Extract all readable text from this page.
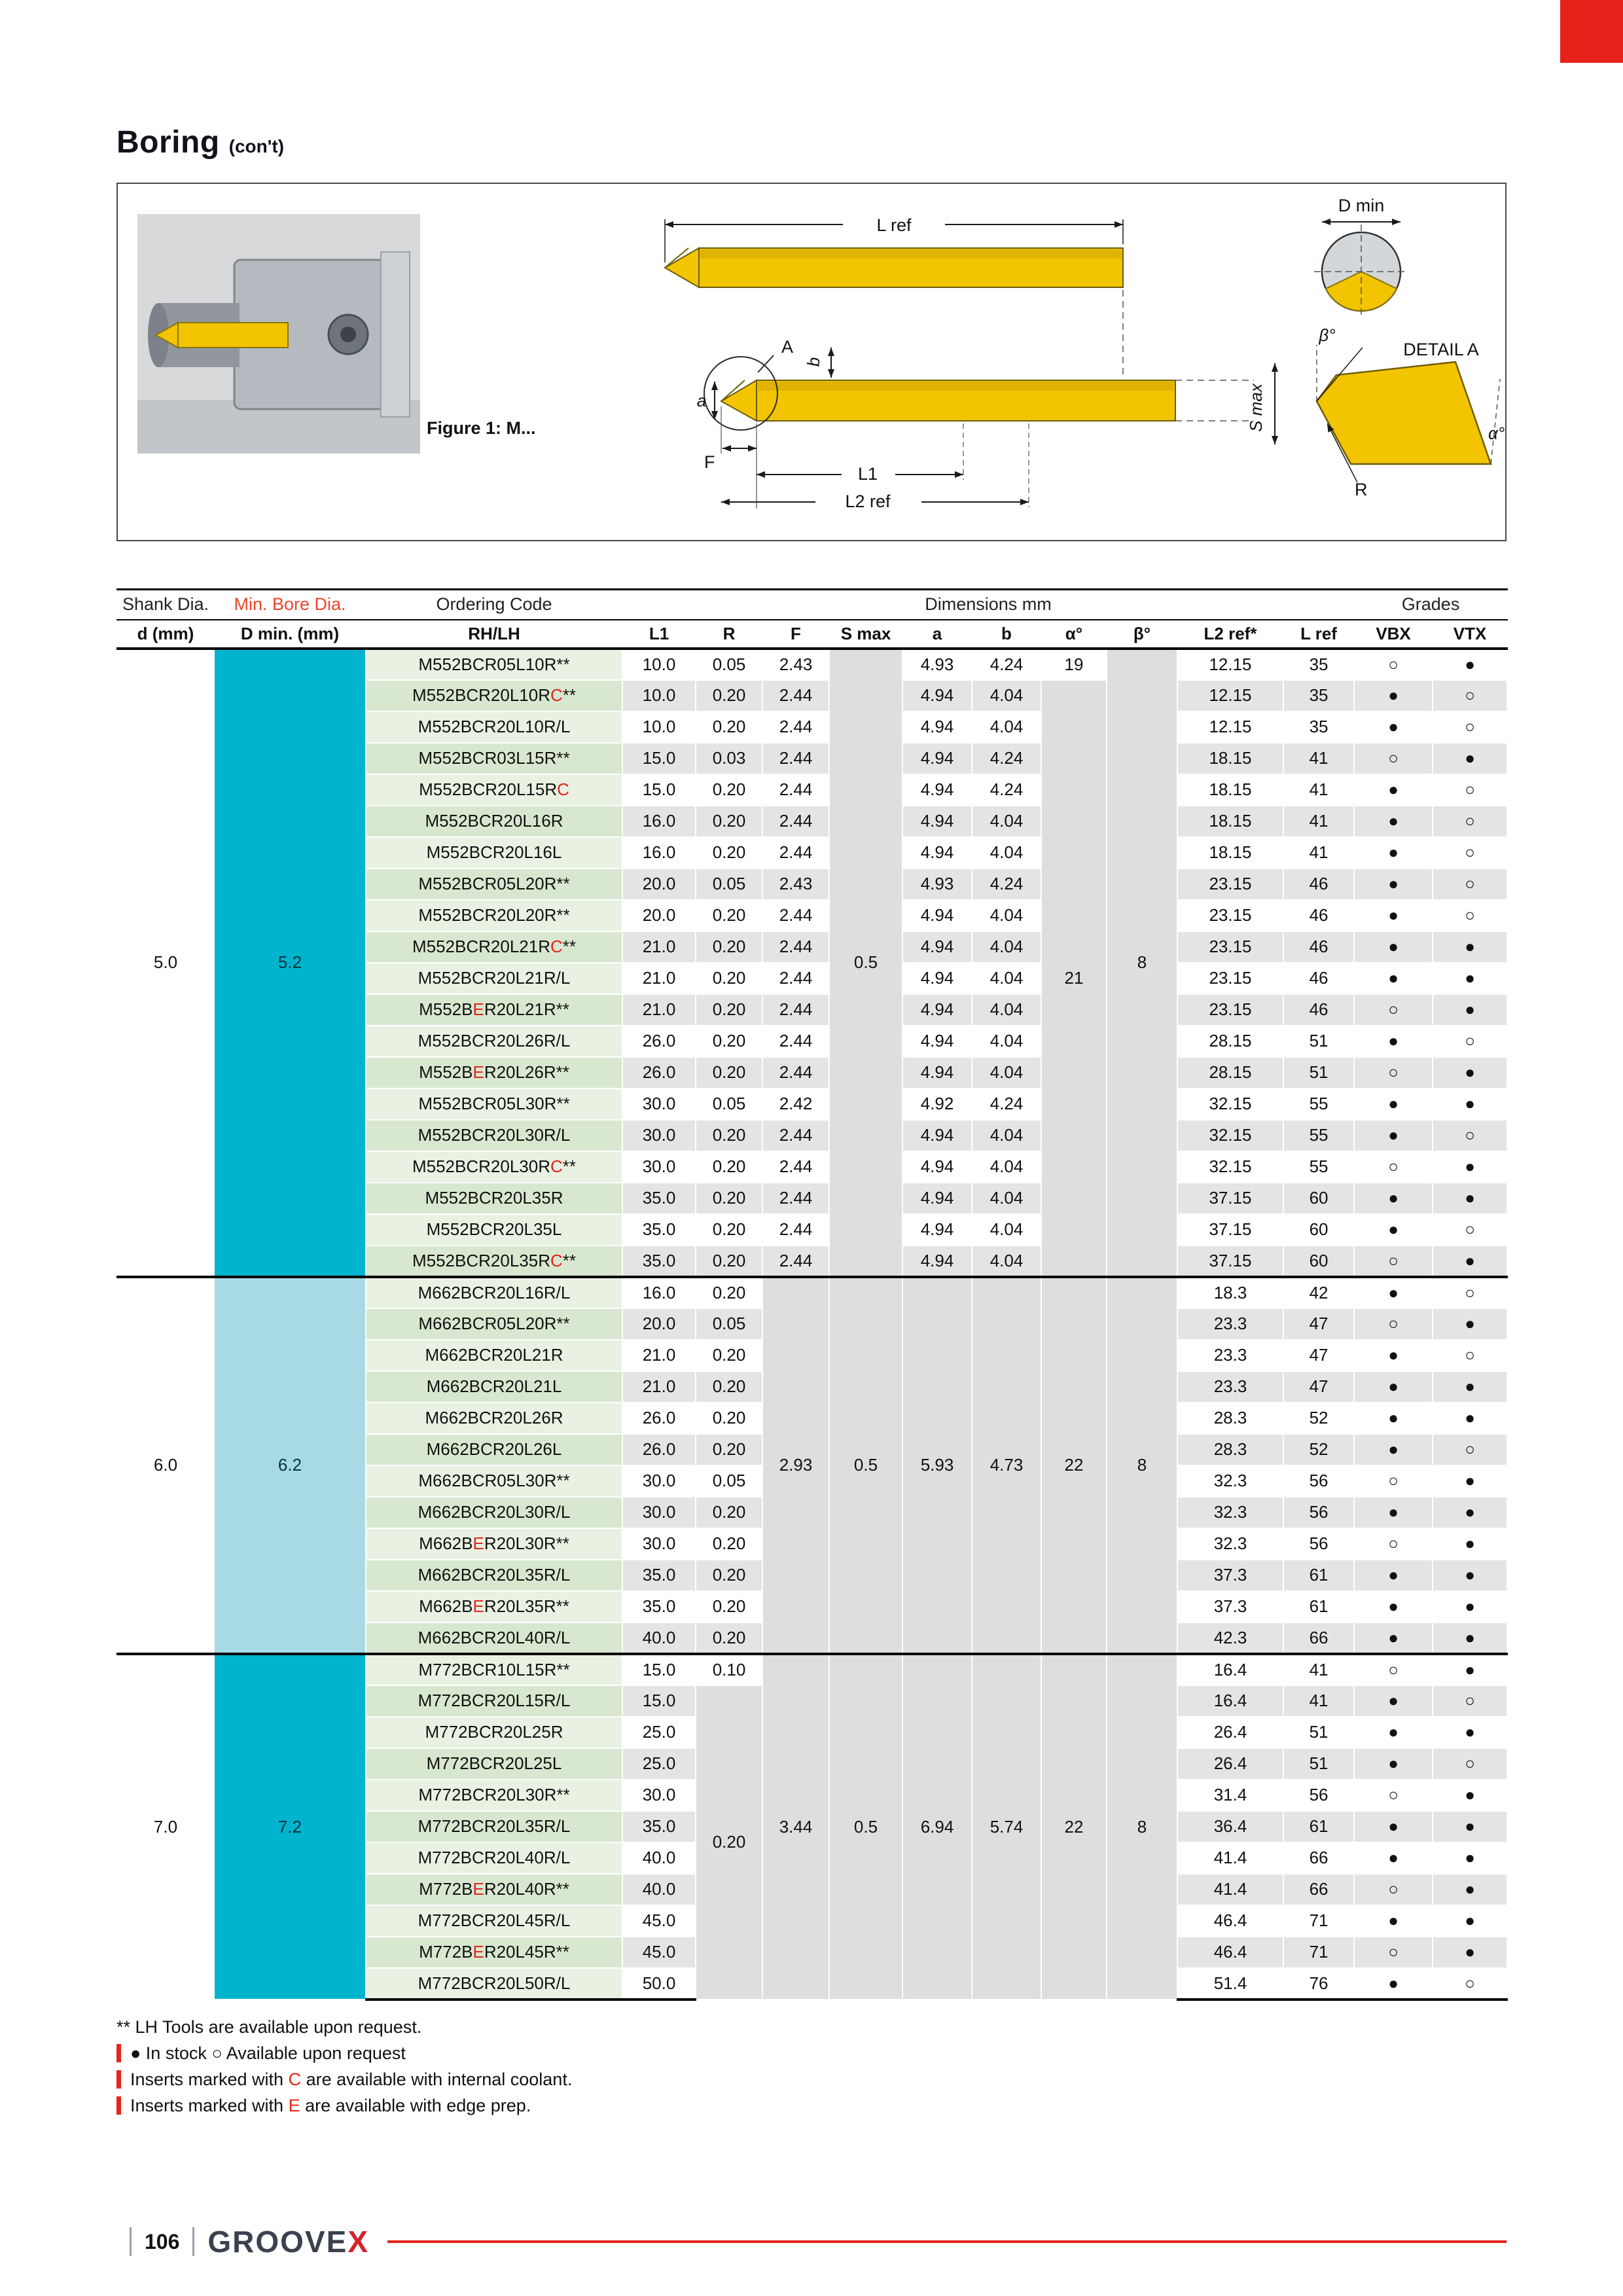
Boring (con't)
Figure 1: M...
L ref
D min
A
b
a
F
L1
L2 ref
DETAIL A
β°
S max
α°
R
Shank Dia.	Min. Bore Dia.	Ordering Code	Dimensions mm										Grades	
d (mm)	D min. (mm)	RH/LH	L1	R	F	S max	a	b	α°	β°	L2 ref*	L ref	VBX	VTX
5.0	5.2	M552BCR05L10R**	10.0	0.05	2.43	0.5	4.93	4.24	19	8	12.15	35	○	●
		M552BCR20L10RC**	10.0	0.20	2.44		4.94	4.04	21		12.15	35	●	○
		M552BCR20L10R/L	10.0	0.20	2.44		4.94	4.04			12.15	35	●	○
		M552BCR03L15R**	15.0	0.03	2.44		4.94	4.24			18.15	41	○	●
		M552BCR20L15RC	15.0	0.20	2.44		4.94	4.24			18.15	41	●	○
		M552BCR20L16R	16.0	0.20	2.44		4.94	4.04			18.15	41	●	○
		M552BCR20L16L	16.0	0.20	2.44		4.94	4.04			18.15	41	●	○
		M552BCR05L20R**	20.0	0.05	2.43		4.93	4.24			23.15	46	●	○
		M552BCR20L20R**	20.0	0.20	2.44		4.94	4.04			23.15	46	●	○
		M552BCR20L21RC**	21.0	0.20	2.44		4.94	4.04			23.15	46	●	●
		M552BCR20L21R/L	21.0	0.20	2.44		4.94	4.04			23.15	46	●	●
		M552BER20L21R**	21.0	0.20	2.44		4.94	4.04			23.15	46	○	●
		M552BCR20L26R/L	26.0	0.20	2.44		4.94	4.04			28.15	51	●	○
		M552BER20L26R**	26.0	0.20	2.44		4.94	4.04			28.15	51	○	●
		M552BCR05L30R**	30.0	0.05	2.42		4.92	4.24			32.15	55	●	●
		M552BCR20L30R/L	30.0	0.20	2.44		4.94	4.04			32.15	55	●	○
		M552BCR20L30RC**	30.0	0.20	2.44		4.94	4.04			32.15	55	○	●
		M552BCR20L35R	35.0	0.20	2.44		4.94	4.04			37.15	60	●	●
		M552BCR20L35L	35.0	0.20	2.44		4.94	4.04			37.15	60	●	○
		M552BCR20L35RC**	35.0	0.20	2.44		4.94	4.04			37.15	60	○	●
6.0	6.2	M662BCR20L16R/L	16.0	0.20	2.93	0.5	5.93	4.73	22	8	18.3	42	●	○
		M662BCR05L20R**	20.0	0.05							23.3	47	○	●
		M662BCR20L21R	21.0	0.20							23.3	47	●	○
		M662BCR20L21L	21.0	0.20							23.3	47	●	●
		M662BCR20L26R	26.0	0.20							28.3	52	●	●
		M662BCR20L26L	26.0	0.20							28.3	52	●	○
		M662BCR05L30R**	30.0	0.05							32.3	56	○	●
		M662BCR20L30R/L	30.0	0.20							32.3	56	●	●
		M662BER20L30R**	30.0	0.20							32.3	56	○	●
		M662BCR20L35R/L	35.0	0.20							37.3	61	●	●
		M662BER20L35R**	35.0	0.20							37.3	61	●	●
		M662BCR20L40R/L	40.0	0.20							42.3	66	●	●
7.0	7.2	M772BCR10L15R**	15.0	0.10	3.44	0.5	6.94	5.74	22	8	16.4	41	○	●
		M772BCR20L15R/L	15.0	0.20							16.4	41	●	○
		M772BCR20L25R	25.0								26.4	51	●	●
		M772BCR20L25L	25.0								26.4	51	●	○
		M772BCR20L30R**	30.0								31.4	56	○	●
		M772BCR20L35R/L	35.0								36.4	61	●	●
		M772BCR20L40R/L	40.0								41.4	66	●	●
		M772BER20L40R**	40.0								41.4	66	○	●
		M772BCR20L45R/L	45.0								46.4	71	●	●
		M772BER20L45R**	45.0								46.4	71	○	●
		M772BCR20L50R/L	50.0								51.4	76	●	○
** LH Tools are available upon request.
● In stock ○ Available upon request
Inserts marked with C are available with internal coolant.
Inserts marked with E are available with edge prep.
106 GROOVEX
